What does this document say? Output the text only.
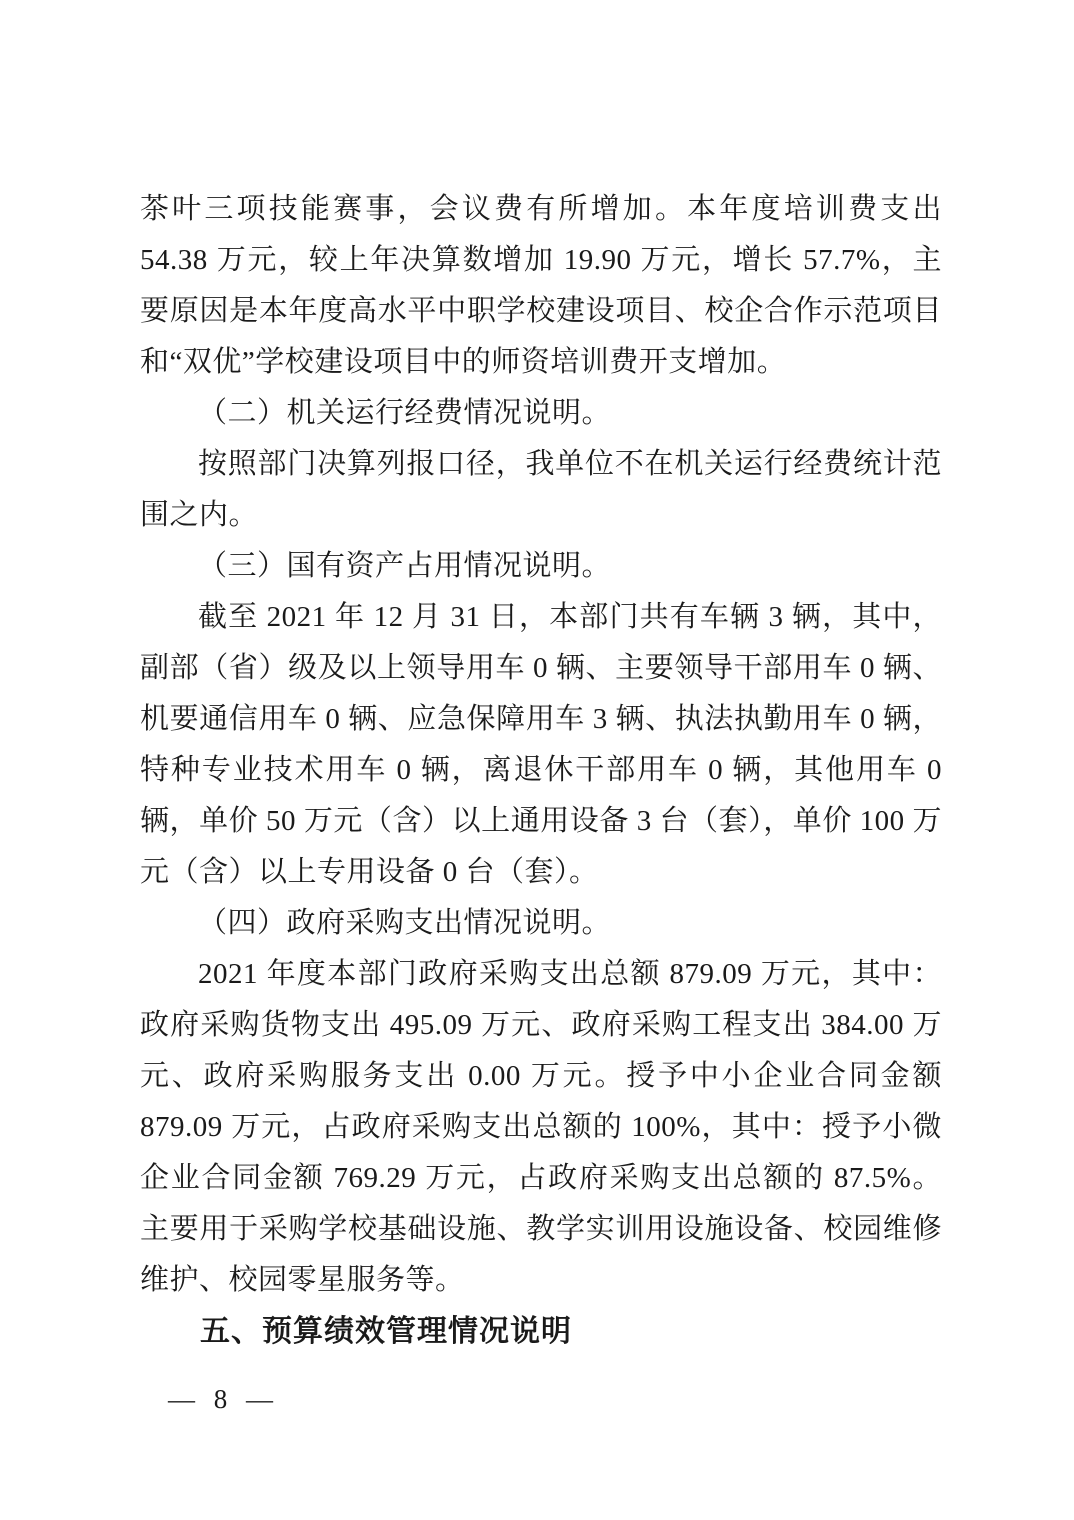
茶叶三项技能赛事，会议费有所增加。本年度培训费支出 54.38 万元，较上年决算数增加 19.90 万元，增长 57.7%，主要原因是本年度高水平中职学校建设项目、校企合作示范项目和“双优”学校建设项目中的师资培训费开支增加。

（二）机关运行经费情况说明。

按照部门决算列报口径，我单位不在机关运行经费统计范围之内。

（三）国有资产占用情况说明。

截至 2021 年 12 月 31 日，本部门共有车辆 3 辆，其中，副部（省）级及以上领导用车 0 辆、主要领导干部用车 0 辆、机要通信用车 0 辆、应急保障用车 3 辆、执法执勤用车 0 辆，特种专业技术用车 0 辆，离退休干部用车 0 辆，其他用车 0 辆，单价 50 万元（含）以上通用设备 3 台（套），单价 100 万元（含）以上专用设备 0 台（套）。

（四）政府采购支出情况说明。

2021 年度本部门政府采购支出总额 879.09 万元，其中：政府采购货物支出 495.09 万元、政府采购工程支出 384.00 万元、政府采购服务支出 0.00 万元。授予中小企业合同金额 879.09 万元，占政府采购支出总额的 100%，其中：授予小微企业合同金额 769.29 万元，占政府采购支出总额的 87.5%。主要用于采购学校基础设施、教学实训用设施设备、校园维修维护、校园零星服务等。

五、预算绩效管理情况说明

— 8 —
